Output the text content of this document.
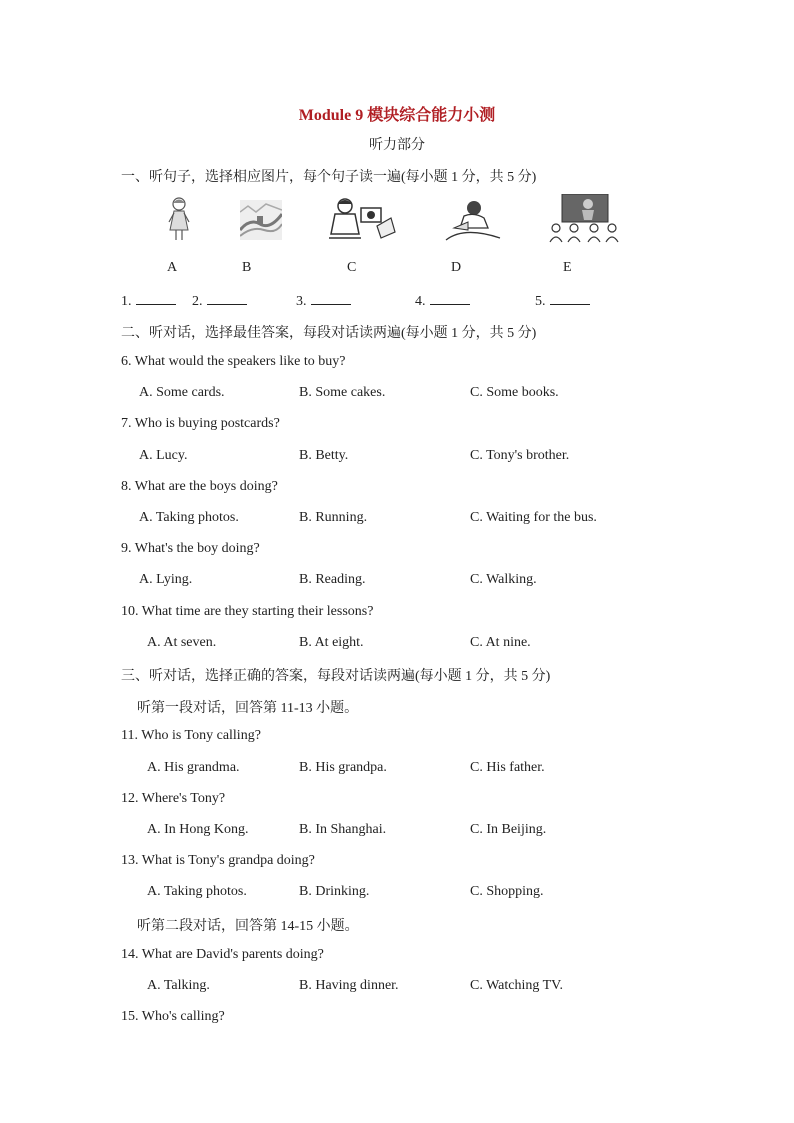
Module 9 模块综合能力小测
听力部分
一、听句子，选择相应图片，每个句子读一遍(每小题 1 分，共 5 分)
A	B	C	D	E
1.	2.	3.	4.	5.
二、听对话，选择最佳答案，每段对话读两遍(每小题 1 分，共 5 分)
6. What would the speakers like to buy?
A. Some cards.	B. Some cakes.	C. Some books.
7. Who is buying postcards?
A. Lucy.	B. Betty.	C. Tony's brother.
8. What are the boys doing?
A. Taking photos.	B. Running.	C. Waiting for the bus.
9. What's the boy doing?
A. Lying.	B. Reading.	C. Walking.
10. What time are they starting their lessons?
A. At seven.	B. At eight.	C. At nine.
三、听对话，选择正确的答案，每段对话读两遍(每小题 1 分，共 5 分)
听第一段对话，回答第 11-13 小题。
11. Who is Tony calling?
A. His grandma.	B. His grandpa.	C. His father.
12. Where's Tony?
A. In Hong Kong.	B. In Shanghai.	C. In Beijing.
13. What is Tony's grandpa doing?
A. Taking photos.	B. Drinking.	C. Shopping.
听第二段对话，回答第 14-15 小题。
14. What are David's parents doing?
A. Talking.	B. Having dinner.	C. Watching TV.
15. Who's calling?
